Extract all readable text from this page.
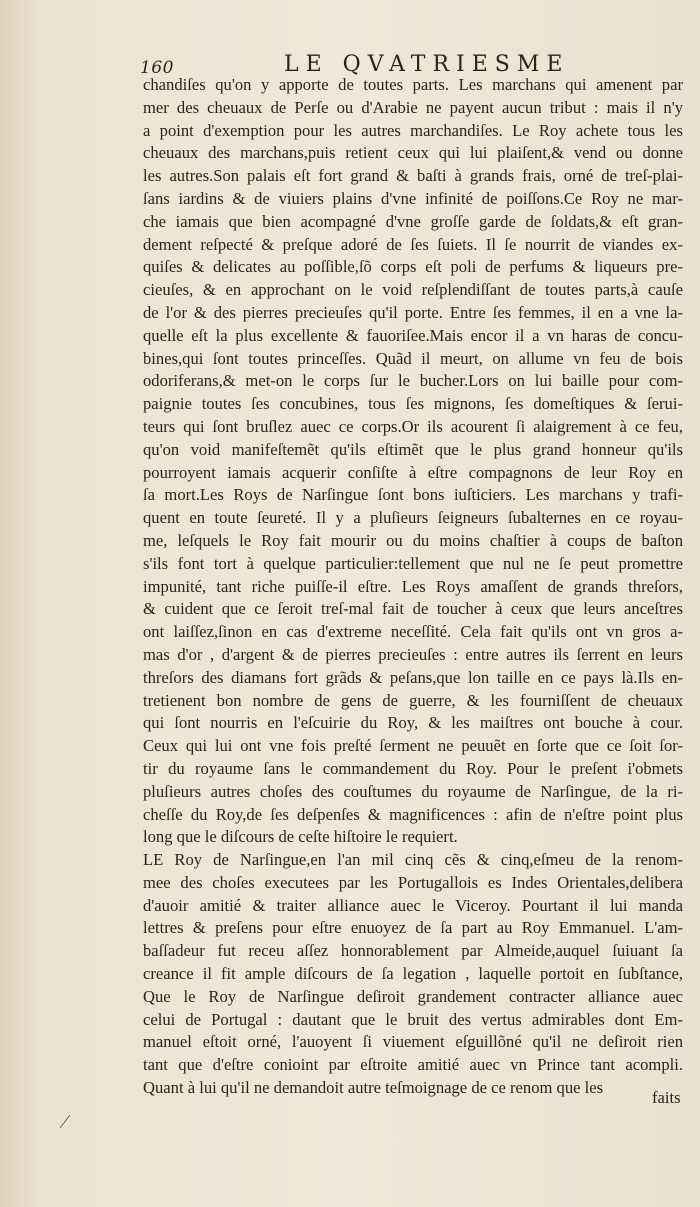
160	LE QVATRIESME
chandiſes qu'on y apporte de toutes parts. Les marchans qui amenent par
mer des cheuaux de Perſe ou d'Arabie ne payent aucun tribut : mais il n'y
a point d'exemption pour les autres marchandiſes. Le Roy achete tous les
cheuaux des marchans,puis retient ceux qui lui plaiſent,& vend ou donne
les autres.Son palais eſt fort grand & baſti à grands frais, orné de treſ-plai-
ſans iardins & de viuiers plains d'vne infinité de poiſſons.Ce Roy ne mar-
che iamais que bien acompagné d'vne groſſe garde de ſoldats,& eſt gran-
dement reſpecté & preſque adoré de ſes ſuiets. Il ſe nourrit de viandes ex-
quiſes & delicates au poſſible,ſõ corps eſt poli de perfums & liqueurs pre-
cieuſes, & en approchant on le void reſplendiſſant de toutes parts,à cauſe
de l'or & des pierres precieuſes qu'il porte. Entre ſes femmes, il en a vne la-
quelle eſt la plus excellente & fauoriſee.Mais encor il a vn haras de concu-
bines,qui ſont toutes princeſſes. Quãd il meurt, on allume vn feu de bois
odoriferans,& met-on le corps ſur le bucher.Lors on lui baille pour com-
paignie toutes ſes concubines, tous ſes mignons, ſes domeſtiques & ſerui-
teurs qui ſont bruſlez auec ce corps.Or ils acourent ſi alaigrement à ce feu,
qu'on void manifeſtemẽt qu'ils eſtimẽt que le plus grand honneur qu'ils
pourroyent iamais acquerir conſiſte à eſtre compagnons de leur Roy en
ſa mort.Les Roys de Narſingue ſont bons iuſticiers. Les marchans y trafi-
quent en toute ſeureté. Il y a pluſieurs ſeigneurs ſubalternes en ce royau-
me, leſquels le Roy fait mourir ou du moins chaſtier à coups de baſton
s'ils font tort à quelque particulier:tellement que nul ne ſe peut promettre
impunité, tant riche puiſſe-il eſtre. Les Roys amaſſent de grands threſors,
& cuident que ce ſeroit treſ-mal fait de toucher à ceux que leurs anceſtres
ont laiſſez,ſinon en cas d'extreme neceſſité. Cela fait qu'ils ont vn gros a-
mas d'or , d'argent & de pierres precieuſes : entre autres ils ſerrent en leurs
threſors des diamans fort grãds & peſans,que lon taille en ce pays là.Ils en-
tretienent bon nombre de gens de guerre, & les fourniſſent de cheuaux
qui ſont nourris en l'eſcuirie du Roy, & les maiſtres ont bouche à cour.
Ceux qui lui ont vne fois preſté ſerment ne peuuẽt en ſorte que ce ſoit ſor-
tir du royaume ſans le commandement du Roy. Pour le preſent i'obmets
pluſieurs autres choſes des couſtumes du royaume de Narſingue, de la ri-
cheſſe du Roy,de ſes deſpenſes & magnificences : afin de n'eſtre point plus
long que le diſcours de ceſte hiſtoire le requiert.
LE Roy de Narſingue,en l'an mil cinq cẽs & cinq,eſmeu de la renom-
mee des choſes executees par les Portugallois es Indes Orientales,delibera
d'auoir amitié & traiter alliance auec le Viceroy. Pourtant il lui manda
lettres & preſens pour eſtre enuoyez de ſa part au Roy Emmanuel. L'am-
baſſadeur fut receu aſſez honnorablement par Almeide,auquel ſuiuant ſa
creance il fit ample diſcours de ſa legation , laquelle portoit en ſubſtance,
Que le Roy de Narſingue deſiroit grandement contracter alliance auec
celui de Portugal : dautant que le bruit des vertus admirables dont Em-
manuel eſtoit orné, l'auoyent ſi viuement eſguillõné qu'il ne deſiroit rien
tant que d'eſtre conioint par eſtroite amitié auec vn Prince tant acompli.
Quant à lui qu'il ne demandoit autre teſmoignage de ce renom que les
faits
